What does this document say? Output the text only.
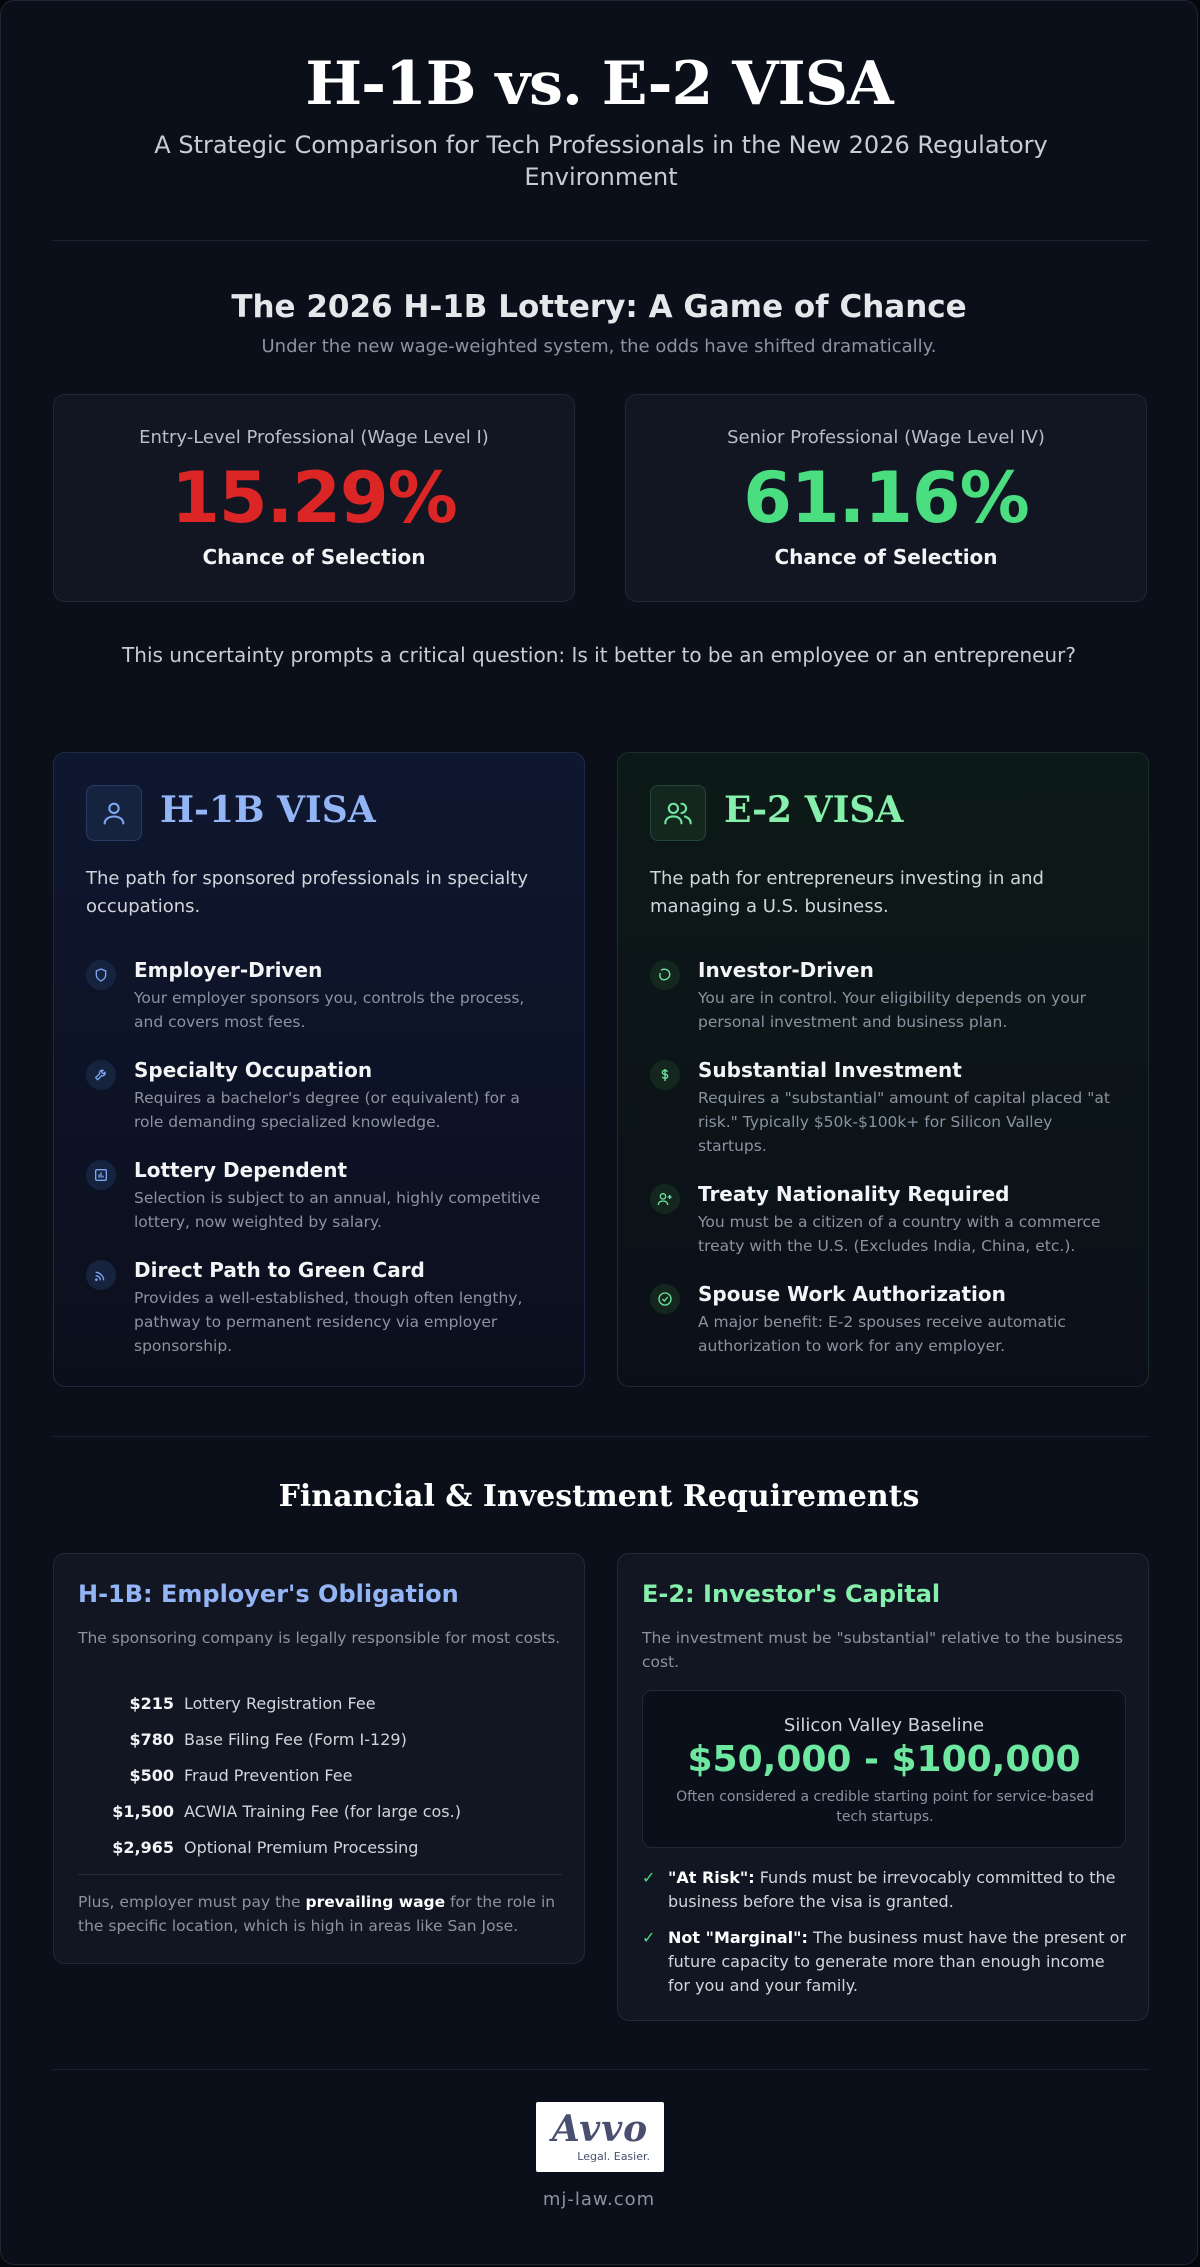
H-1B vs. E-2 VISA
A Strategic Comparison for Tech Professionals in the New 2026 Regulatory Environment
The 2026 H-1B Lottery: A Game of Chance
Under the new wage-weighted system, the odds have shifted dramatically.
Entry-Level Professional (Wage Level I)
15.29%
Chance of Selection
Senior Professional (Wage Level IV)
61.16%
Chance of Selection
This uncertainty prompts a critical question: Is it better to be an employee or an entrepreneur?
H-1B VISA
The path for sponsored professionals in specialty occupations.
Employer-Driven
Your employer sponsors you, controls the process, and covers most fees.
Specialty Occupation
Requires a bachelor's degree (or equivalent) for a role demanding specialized knowledge.
Lottery Dependent
Selection is subject to an annual, highly competitive lottery, now weighted by salary.
Direct Path to Green Card
Provides a well-established, though often lengthy, pathway to permanent residency via employer sponsorship.
E-2 VISA
The path for entrepreneurs investing in and managing a U.S. business.
Investor-Driven
You are in control. Your eligibility depends on your personal investment and business plan.
Substantial Investment
Requires a "substantial" amount of capital placed "at risk." Typically $50k-$100k+ for Silicon Valley startups.
Treaty Nationality Required
You must be a citizen of a country with a commerce treaty with the U.S. (Excludes India, China, etc.).
Spouse Work Authorization
A major benefit: E-2 spouses receive automatic authorization to work for any employer.
Financial & Investment Requirements
H-1B: Employer's Obligation
The sponsoring company is legally responsible for most costs.
$215 Lottery Registration Fee
$780 Base Filing Fee (Form I-129)
$500 Fraud Prevention Fee
$1,500 ACWIA Training Fee (for large cos.)
$2,965 Optional Premium Processing
Plus, employer must pay the prevailing wage for the role in the specific location, which is high in areas like San Jose.
E-2: Investor's Capital
The investment must be "substantial" relative to the business cost.
Silicon Valley Baseline
$50,000 - $100,000
Often considered a credible starting point for service-based tech startups.
✓ "At Risk": Funds must be irrevocably committed to the business before the visa is granted.
✓ Not "Marginal": The business must have the present or future capacity to generate more than enough income for you and your family.
Avvo
Legal. Easier.
mj-law.com
